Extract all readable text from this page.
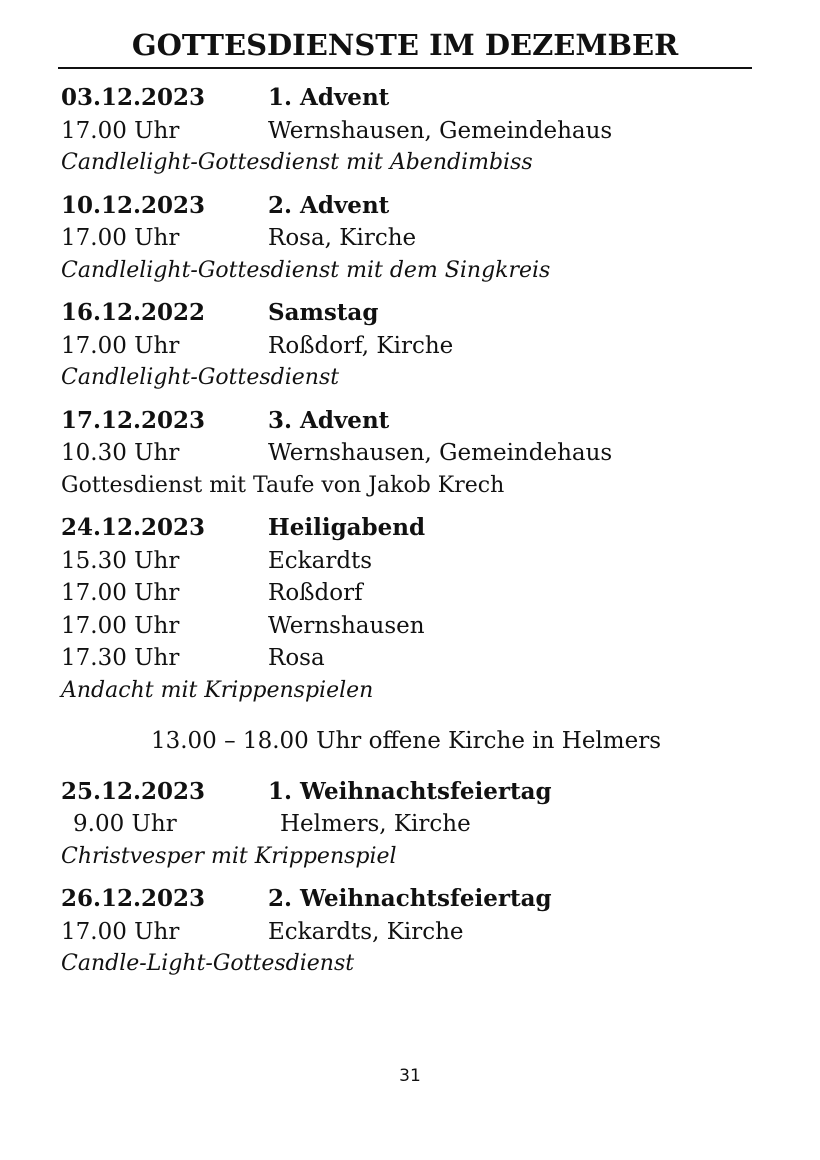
GOTTESDIENSTE IM DEZEMBER
03.12.2023	1. Advent
17.00 Uhr	Wernshausen, Gemeindehaus
Candlelight-Gottesdienst mit Abendimbiss
10.12.2023	2. Advent
17.00 Uhr	Rosa, Kirche
Candlelight-Gottesdienst mit dem Singkreis
16.12.2022	Samstag
17.00 Uhr	Roßdorf, Kirche
Candlelight-Gottesdienst
17.12.2023	3. Advent
10.30 Uhr	Wernshausen, Gemeindehaus
Gottesdienst mit Taufe von Jakob Krech
24.12.2023	Heiligabend
15.30 Uhr	Eckardts
17.00 Uhr	Roßdorf
17.00 Uhr	Wernshausen
17.30 Uhr	Rosa
Andacht mit Krippenspielen
13.00 – 18.00 Uhr offene Kirche in Helmers
25.12.2023	1. Weihnachtsfeiertag
9.00 Uhr	Helmers, Kirche
Christvesper mit Krippenspiel
26.12.2023	2. Weihnachtsfeiertag
17.00 Uhr	Eckardts, Kirche
Candle-Light-Gottesdienst
31
